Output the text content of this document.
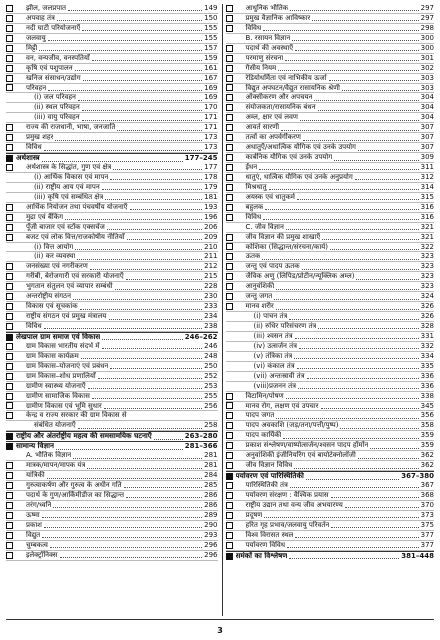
झील, जलप्रपात	149
अपवाह तंत्र	150
नदी घाटी परियोजनाएँ	155
जलवायु	155
मिट्टी	157
वन, वन्यजीव, वनस्पतियाँ	159
कृषि एवं पशुपालन	161
खनिज संसाधन/उद्योग	167
परिवहन	169
(i) जल परिवहन	169
(ii) स्थल परिवहन	170
(iii) वायु परिवहन	171
राज्य की राजधानी, भाषा, जनजाति	171
प्रमुख शहर	173
विविध	173
अर्थशास्त्र	177–245
अर्थशास्त्र के सिद्धांत, गुण एवं क्षेत्र	177
(i) आर्थिक विकास एवं मापन	178
(ii) राष्ट्रीय आय एवं मापन	179
(iii) कृषि एवं सम्बंधित क्षेत्र	181
आर्थिक नियोजन तथा पंचवर्षीय योजनाएँ	193
मुद्रा एवं बैंकिंग	196
पूँजी बाजार एवं स्टॉक एक्सचेंज	206
बजट एवं लोक वित्त/राजकोषीय नीतियाँ	209
(i) वित्त आयोग	210
(ii) कर व्यवस्था	211
जनसंख्या एवं नगरीकरण	212
गरीबी, बेरोजगारी एवं सरकारी योजनाएँ	215
भुगतान संतुलन एवं व्यापार सम्बंधी	228
अन्तर्राष्ट्रीय संगठन	230
विकास एवं सूचकांक	233
राष्ट्रीय संगठन एवं प्रमुख मंत्रालय	234
विविध	238
लेखपाल ग्राम समाज एवं विकास	246–262
ग्राम विकास भारतीय संदर्भ में	246
ग्राम विकास कार्यक्रम	248
ग्राम विकास–योजनाएं एवं प्रबंधन	250
ग्राम विकास–शोध प्रणालियाँ	252
ग्रामीण स्वास्थ्य योजनाएँ	253
ग्रामीण सामाजिक विकास	255
ग्रामीण विकास एवं भूमि सुधार	256
केन्द्र व राज्य सरकार की ग्राम विकास से
संबंधित योजनाएँ	258
राष्ट्रीय और अंतर्राष्ट्रीय महत्व की समसामयिक घटनाएँ	263–280
सामान्य विज्ञान	281–366
A. भौतिक विज्ञान	281
मात्रक/मापन/मापक यंत्र	281
यांत्रिकी	284
गुरुत्वाकर्षण और गुरुत्व के अधीन गति	285
पदार्थ के गुण/आर्किमीडीज का सिद्धान्त	286
तरंग/ध्वनि	286
ऊष्मा	289
प्रकाश	290
विद्युत	293
चुम्बकत्व	296
इलेक्ट्रॉनिक्स	296
आधुनिक भौतिक	297
प्रमुख वैज्ञानिक आविष्कार	297
विविध	298
B. रसायन विज्ञान	300
पदार्थ की अवस्थाएँ	300
परमाणु संरचना	301
गैसीय नियम	302
रेडियोधर्मिता एवं नाभिकीय ऊर्जा	303
विद्युत अपघटन/वैद्युत रासायनिक श्रेणी	303
ऑक्सीकरण और अपचयन	304
संयोजकता/रासायनिक बंधन	304
अम्ल, क्षार एवं लवण	304
आवर्त सारणी	307
तत्वों का अपर्वर्गीकरण	307
अधातुएँ/अधात्विक यौगिक एवं उनके उपयोग	307
कार्बनिक यौगिक एवं उनके उपयोग	309
ईंधन	311
धातुएं, धात्विक यौगिक एवं उनके अनुप्रयोग	312
मिश्रधातु	314
अयस्क एवं धातुकर्म	315
बहुलक	316
विविध	316
C. जीव विज्ञान	321
जीव विज्ञान की प्रमुख शाखाएँ	321
कोशिका (सिद्धान्त/संरचना/कार्य)	322
ऊतक	323
जन्तु एवं पादप ऊतक	323
जैविक अणु (लिपिड/प्रोटीन/न्यूक्लिक अम्ल)	323
आनुवंशिकी	323
जन्तु जगत	324
मानव शरीर	326
(i) पाचन तंत्र	326
(ii) रुधिर परिसंचरण तंत्र	328
(iii) श्वसन तंत्र	331
(iv) उत्सर्जन तंत्र	332
(v) तंत्रिका तंत्र	334
(vi) कंकाल तंत्र	335
(vii) अन्तःस्रावी तंत्र	336
(viii)प्रजनन तंत्र	336
विटामिन/पोषण	338
मानव रोग, लक्षण एवं उपचार	345
पादप जगत	356
पादप अवकाशि (जड़/तना/पत्ती/पुष्प)	358
पादप कार्यिकी	359
प्रकाश संश्लेषण/वाष्पोत्सर्जन/श्वसन पादप हॉर्मोन	359
अनुवांशिकी इंजीनियरिंग एवं बायोटेक्नोलॉजी	362
जीव विज्ञान विविध	362
पर्यावरण एवं पारिस्थितिकी	367–380
पारिस्थितिकी तंत्र	367
पर्यावरण संरक्षण : वैश्विक प्रयास	368
राष्ट्रीय उद्यान तथा वन्य जीव अभयारण्य	370
प्रदूषण	373
हरित गृह प्रभाव/जलवायु परिवर्तन	375
विश्व विरासत स्थल	377
पर्यावरण विविध	377
समंकों का विश्लेषण	381–448
3
